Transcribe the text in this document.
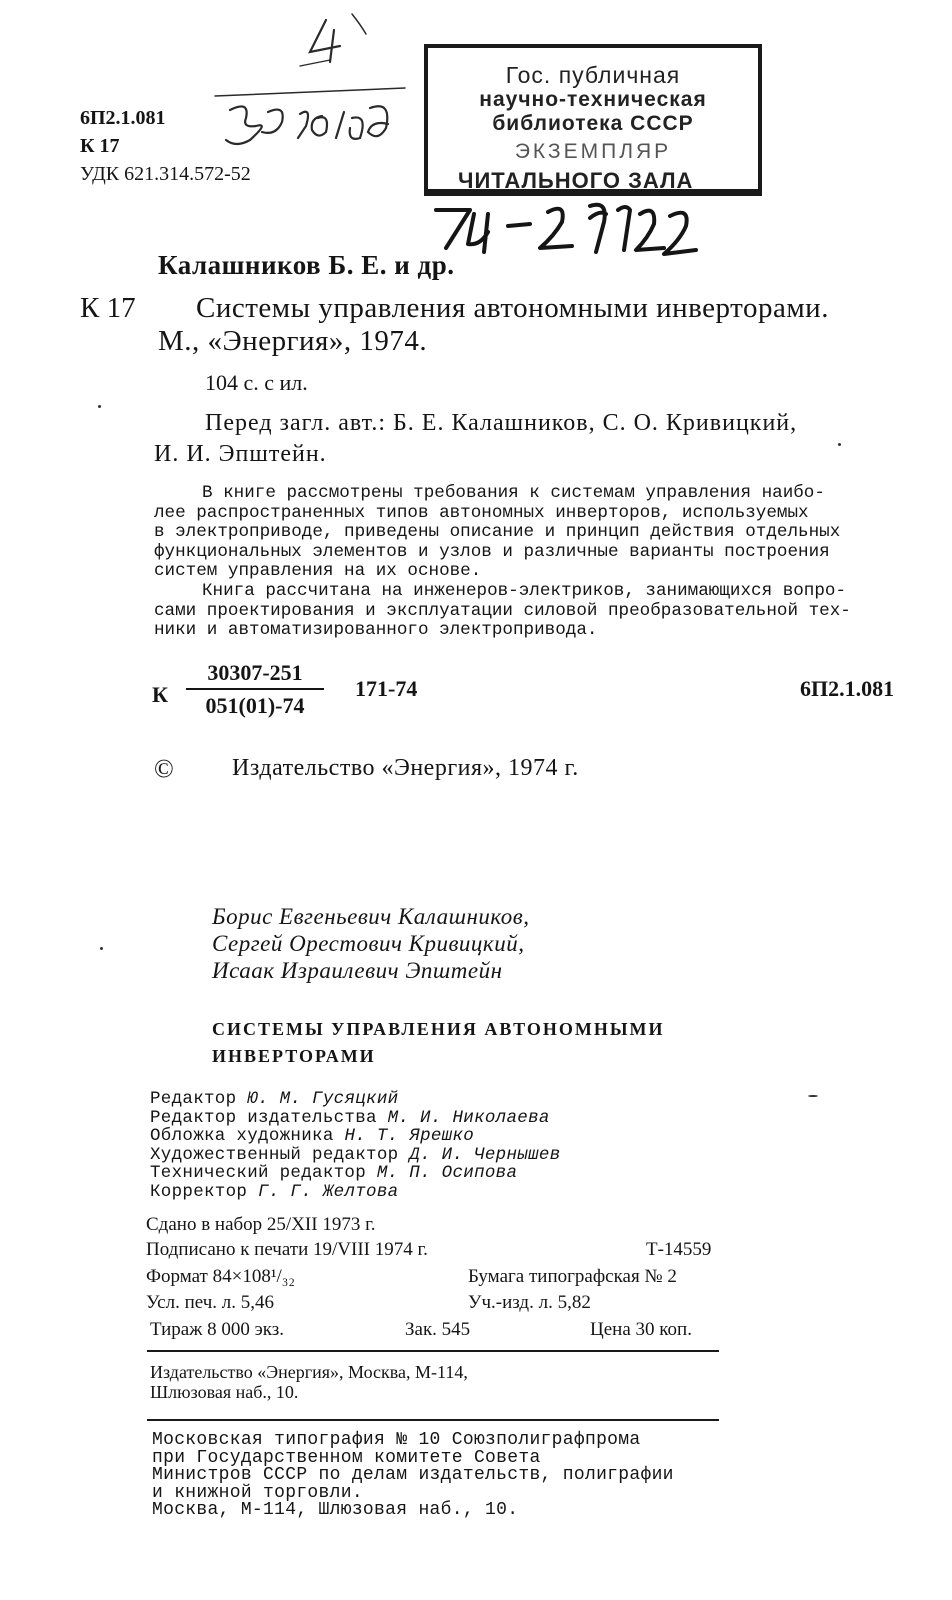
6П2.1.081
К 17
УДК 621.314.572-52
Гос. публичная
научно-техническая
библиотека СССР
ЭКЗЕМПЛЯР
ЧИТАЛЬНОГО ЗАЛА
Калашников Б. Е. и др.
К 17 Системы управления автономными инверторами.
М., «Энергия», 1974.
104 с. с ил.
Перед загл. авт.: Б. Е. Калашников, С. О. Кривицкий,
И. И. Эпштейн.
В книге рассмотрены требования к системам управления наибо-
лее распространенных типов автономных инверторов, используемых
в электроприводе, приведены описание и принцип действия отдельных
функциональных элементов и узлов и различные варианты построения
систем управления на их основе.
Книга рассчитана на инженеров-электриков, занимающихся вопро-
сами проектирования и эксплуатации силовой преобразовательной тех-
ники и автоматизированного электропривода.
К
30307-251
051(01)-74
171-74	6П2.1.081
© Издательство «Энергия», 1974 г.
Борис Евгеньевич Калашников,
Сергей Орестович Кривицкий,
Исаак Израилевич Эпштейн
СИСТЕМЫ УПРАВЛЕНИЯ АВТОНОМНЫМИ
ИНВЕРТОРАМИ
Редактор Ю. М. Гусяцкий
Редактор издательства М. И. Николаева
Обложка художника Н. Т. Ярешко
Художественный редактор Д. И. Чернышев
Технический редактор М. П. Осипова
Корректор Г. Г. Желтова
Сдано в набор 25/XII 1973 г.
Подписано к печати 19/VIII 1974 г.	Т-14559
Формат 84×108¹/₃₂	Бумага типографская № 2
Усл. печ. л. 5,46	Уч.-изд. л. 5,82
Тираж 8 000 экз.	Зак. 545	Цена 30 коп.
Издательство «Энергия», Москва, М-114,
Шлюзовая наб., 10.
Московская типография № 10 Союзполиграфпрома
при Государственном комитете Совета
Министров СССР по делам издательств, полиграфии
и книжной торговли.
Москва, М-114, Шлюзовая наб., 10.
